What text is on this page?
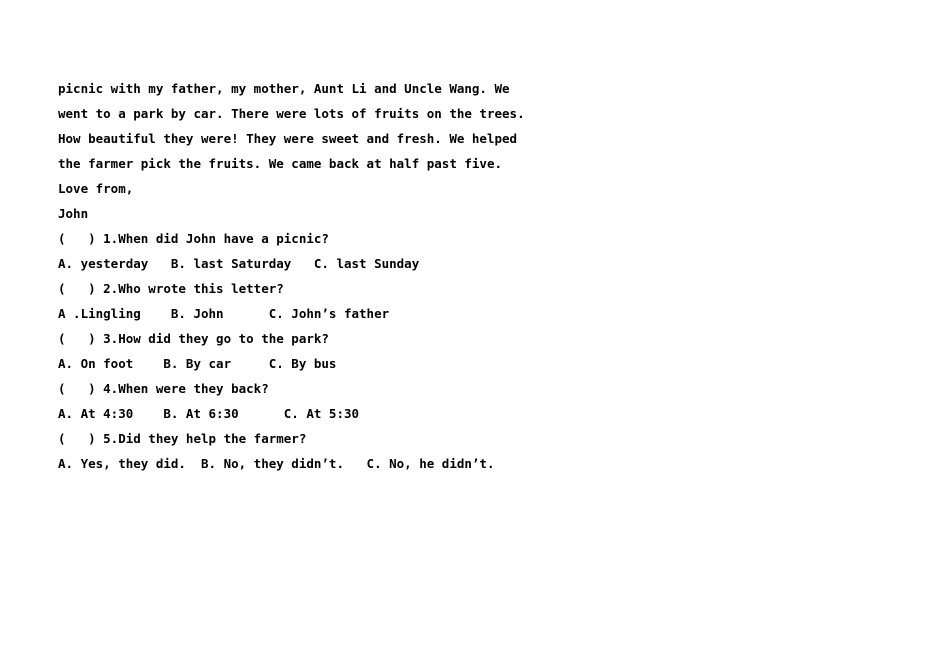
picnic with my father, my mother, Aunt Li and Uncle Wang. We
went to a park by car. There were lots of fruits on the trees.
How beautiful they were! They were sweet and fresh. We helped
the farmer pick the fruits. We came back at half past five.
Love from,
John
(   ) 1.When did John have a picnic?
A. yesterday   B. last Saturday   C. last Sunday
(   ) 2.Who wrote this letter?
A .Lingling    B. John      C. John’s father
(   ) 3.How did they go to the park?
A. On foot    B. By car     C. By bus
(   ) 4.When were they back?
A. At 4:30    B. At 6:30      C. At 5:30
(   ) 5.Did they help the farmer?
A. Yes, they did.  B. No, they didn’t.   C. No, he didn’t.
